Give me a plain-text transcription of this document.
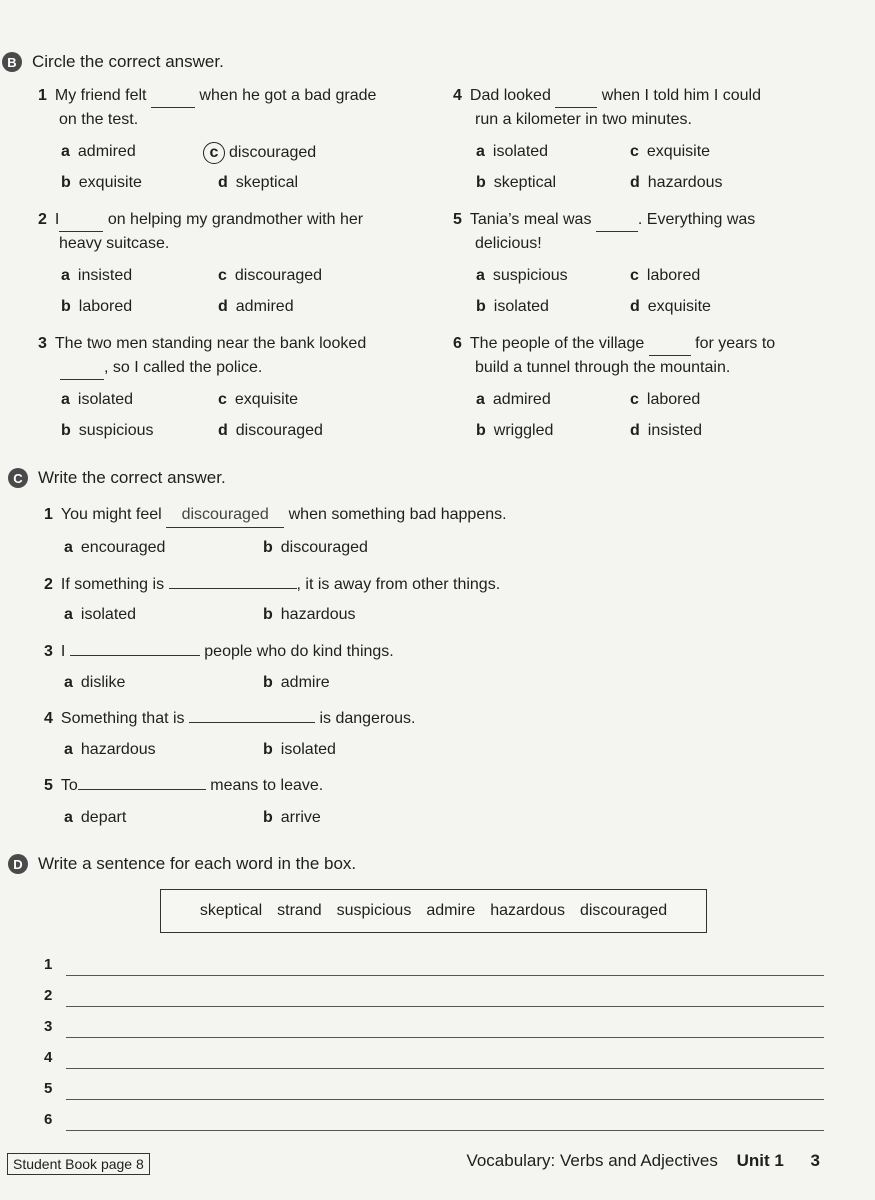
B Circle the correct answer.
1 My friend felt	when he got a bad grade
on the test.
a admired	c discouraged
b exquisite	d skeptical
4 Dad looked	when I told him I could
run a kilometer in two minutes.
a isolated	c exquisite
b skeptical	d hazardous
2 I	on helping my grandmother with her
heavy suitcase.
a insisted	c discouraged
b labored	d admired
5 Tania’s meal was	. Everything was
delicious!
a suspicious	c labored
b isolated	d exquisite
3 The two men standing near the bank looked
, so I called the police.
a isolated	c exquisite
b suspicious	d discouraged
6 The people of the village	for years to
build a tunnel through the mountain.
a admired	c labored
b wriggled	d insisted
C Write the correct answer.
1 You might feel discouraged when something bad happens.
a encouraged	b discouraged
2 If something is	, it is away from other things.
a isolated	b hazardous
3 I	people who do kind things.
a dislike	b admire
4 Something that is	is dangerous.
a hazardous	b isolated
5 To	means to leave.
a depart	b arrive
D Write a sentence for each word in the box.
skeptical strand suspicious admire hazardous discouraged
1
2
3
4
5
6
Student Book page 8	Vocabulary: Verbs and Adjectives Unit 1 3
